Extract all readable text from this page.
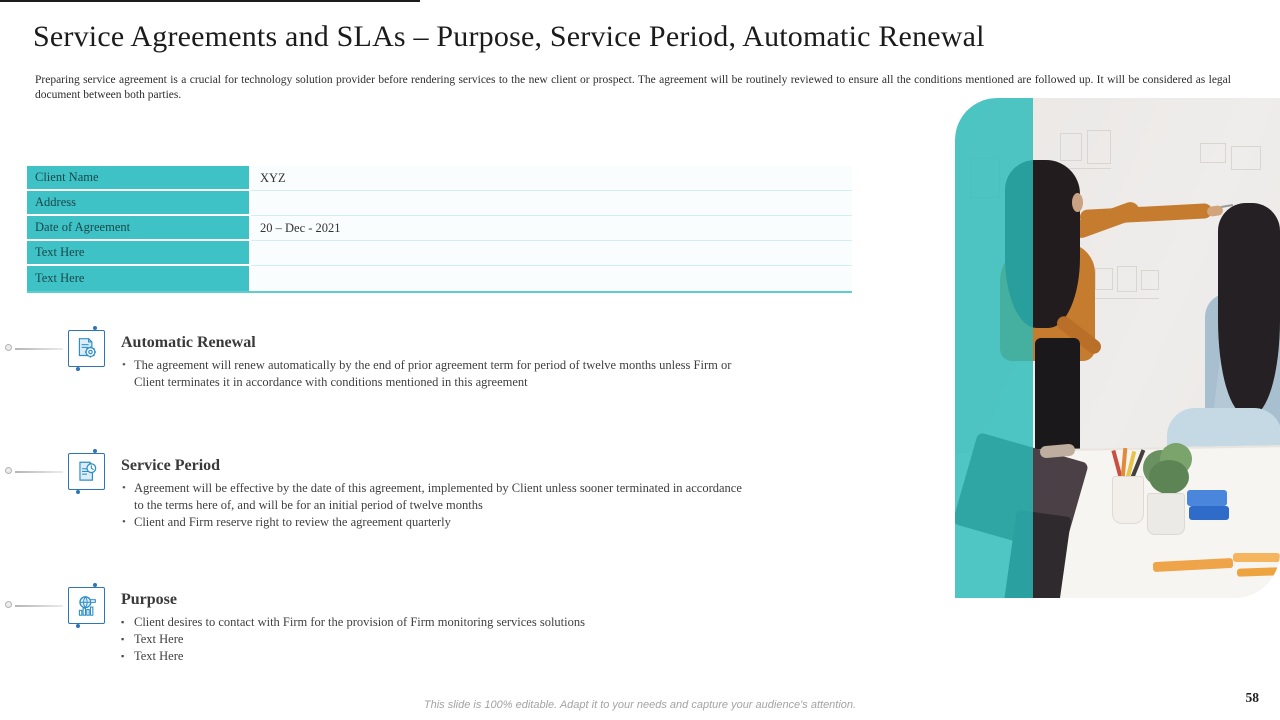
Service Agreements and SLAs – Purpose, Service Period, Automatic Renewal
Preparing service agreement is a crucial for technology solution provider before rendering services to the new client or prospect. The agreement will be routinely reviewed to ensure all the conditions mentioned are followed up. It will be considered as legal document between both parties.
Client Name	XYZ
Address
Date of Agreement	20 – Dec - 2021
Text Here
Text Here
Automatic Renewal
• The agreement will renew automatically by the end of prior agreement term for period of twelve months unless Firm or Client terminates it in accordance with conditions mentioned in this agreement
Service Period
• Agreement will be effective by the date of this agreement, implemented by Client unless sooner terminated in accordance to the terms here of, and will be for an initial period of twelve months
• Client and Firm reserve right to review the agreement quarterly
Purpose
▪ Client desires to contact with Firm for the provision of Firm monitoring services solutions
▪ Text Here
▪ Text Here
This slide is 100% editable. Adapt it to your needs and capture your audience's attention.	58
